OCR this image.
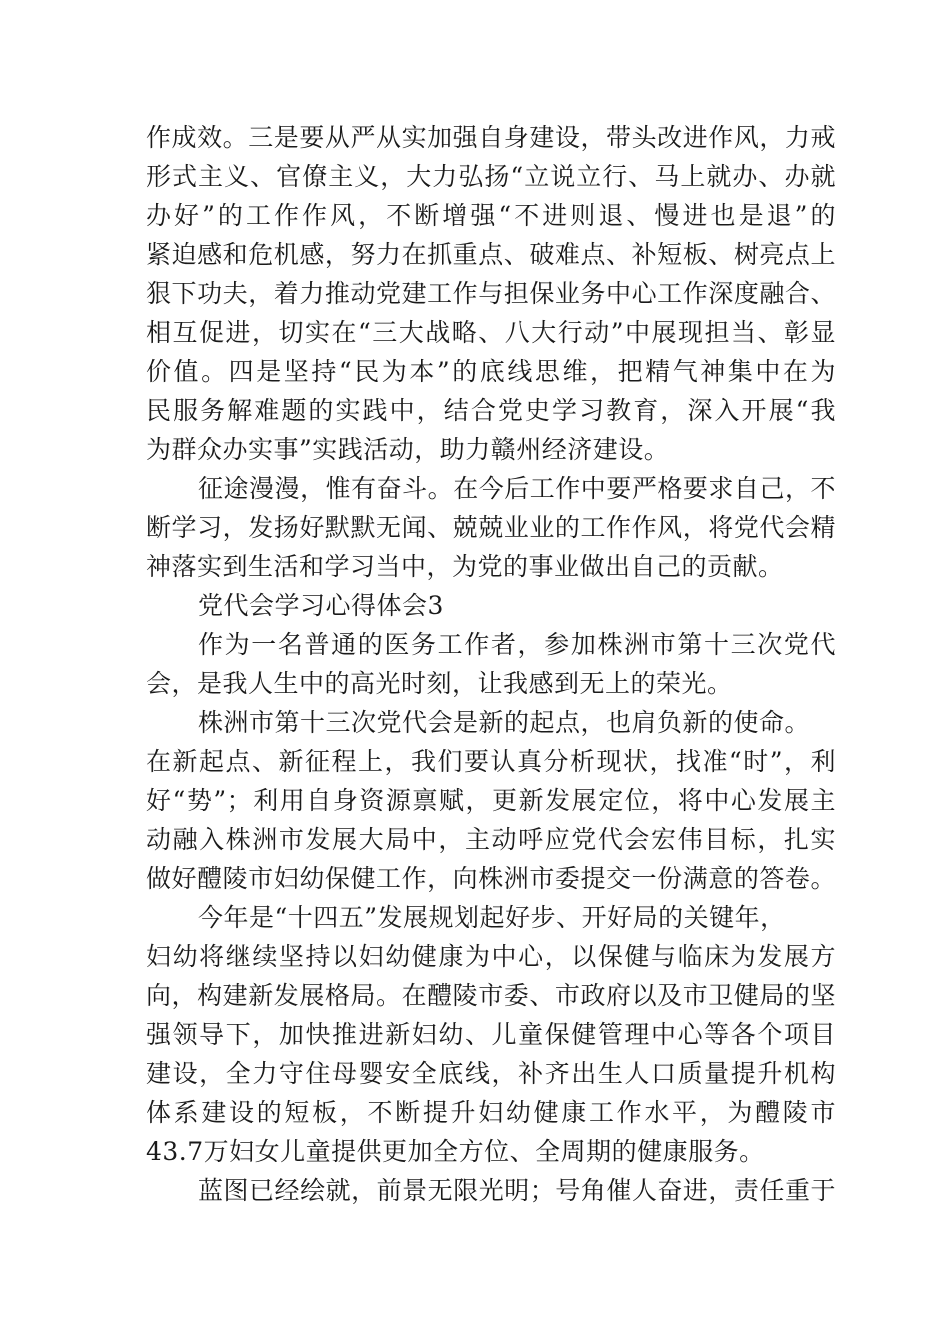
作成效。三是要从严从实加强自身建设，带头改进作风，力戒
形式主义、官僚主义，大力弘扬“立说立行、马上就办、办就
办好”的工作作风，不断增强“不进则退、慢进也是退”的
紧迫感和危机感，努力在抓重点、破难点、补短板、树亮点上
狠下功夫，着力推动党建工作与担保业务中心工作深度融合、
相互促进，切实在“三大战略、八大行动”中展现担当、彰显
价值。四是坚持“民为本”的底线思维，把精气神集中在为
民服务解难题的实践中，结合党史学习教育，深入开展“我
为群众办实事”实践活动，助力赣州经济建设。
征途漫漫，惟有奋斗。在今后工作中要严格要求自己，不
断学习，发扬好默默无闻、兢兢业业的工作作风，将党代会精
神落实到生活和学习当中，为党的事业做出自己的贡献。
党代会学习心得体会3
作为一名普通的医务工作者，参加株洲市第十三次党代
会，是我人生中的高光时刻，让我感到无上的荣光。
株洲市第十三次党代会是新的起点，也肩负新的使命。
在新起点、新征程上，我们要认真分析现状，找准“时”，利
好“势”；利用自身资源禀赋，更新发展定位，将中心发展主
动融入株洲市发展大局中，主动呼应党代会宏伟目标，扎实
做好醴陵市妇幼保健工作，向株洲市委提交一份满意的答卷。
今年是“十四五”发展规划起好步、开好局的关键年，
妇幼将继续坚持以妇幼健康为中心，以保健与临床为发展方
向，构建新发展格局。在醴陵市委、市政府以及市卫健局的坚
强领导下，加快推进新妇幼、儿童保健管理中心等各个项目
建设，全力守住母婴安全底线，补齐出生人口质量提升机构
体系建设的短板，不断提升妇幼健康工作水平，为醴陵市
43.7万妇女儿童提供更加全方位、全周期的健康服务。
蓝图已经绘就，前景无限光明；号角催人奋进，责任重于
